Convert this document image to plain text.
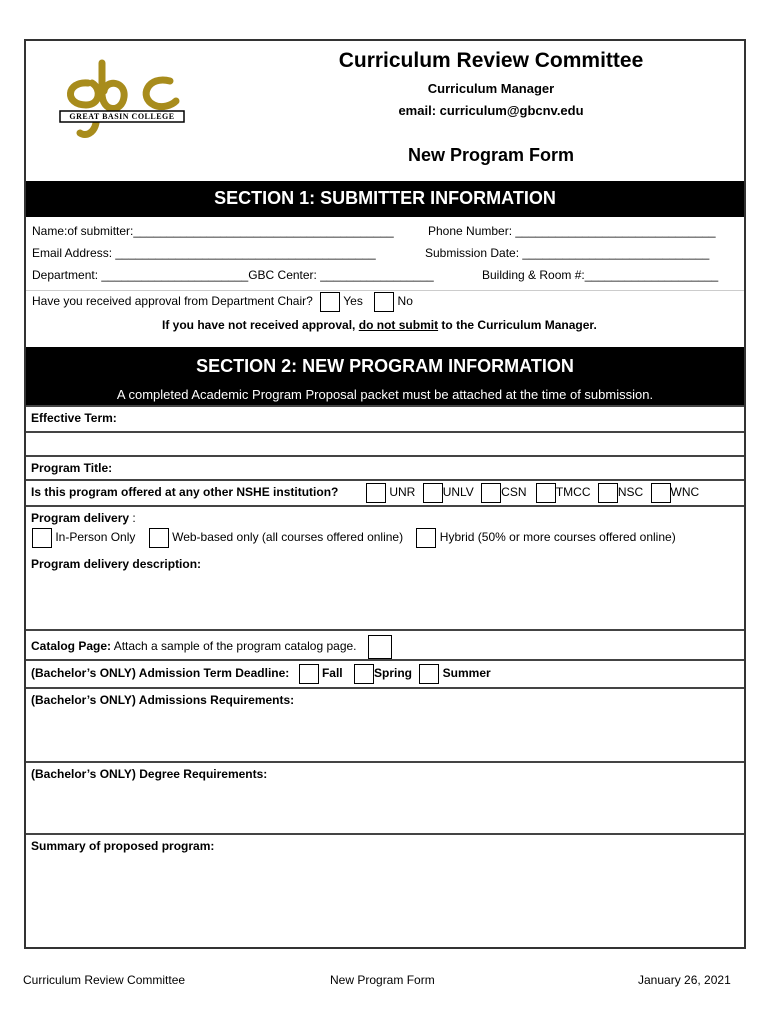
GREAT BASIN COLLEGE
Curriculum Review Committee
Curriculum Manager
email: curriculum@gbcnv.edu
New Program Form
SECTION 1: SUBMITTER INFORMATION
Name:of submitter:_______________________________________	Phone Number: ______________________________
Email Address: _______________________________________	Submission Date: ____________________________
Department: ______________________GBC Center: _________________	Building & Room #:____________________
Have you received approval from Department Chair?	Yes	No
If you have not received approval, do not submit to the Curriculum Manager.
SECTION 2: NEW PROGRAM INFORMATION
A completed Academic Program Proposal packet must be attached at the time of submission.
Effective Term:
Program Title:
Is this program offered at any other NSHE institution?	UNR UNLV CSN TMCC NSC WNC
Program delivery :
In-Person Only	Web-based only (all courses offered online)	Hybrid (50% or more courses offered online)
Program delivery description:
Catalog Page: Attach a sample of the program catalog page.
(Bachelor’s ONLY) Admission Term Deadline:	Fall	Spring	Summer
(Bachelor’s ONLY) Admissions Requirements:
(Bachelor’s ONLY) Degree Requirements:
Summary of proposed program:
Curriculum Review Committee	New Program Form	January 26, 2021
